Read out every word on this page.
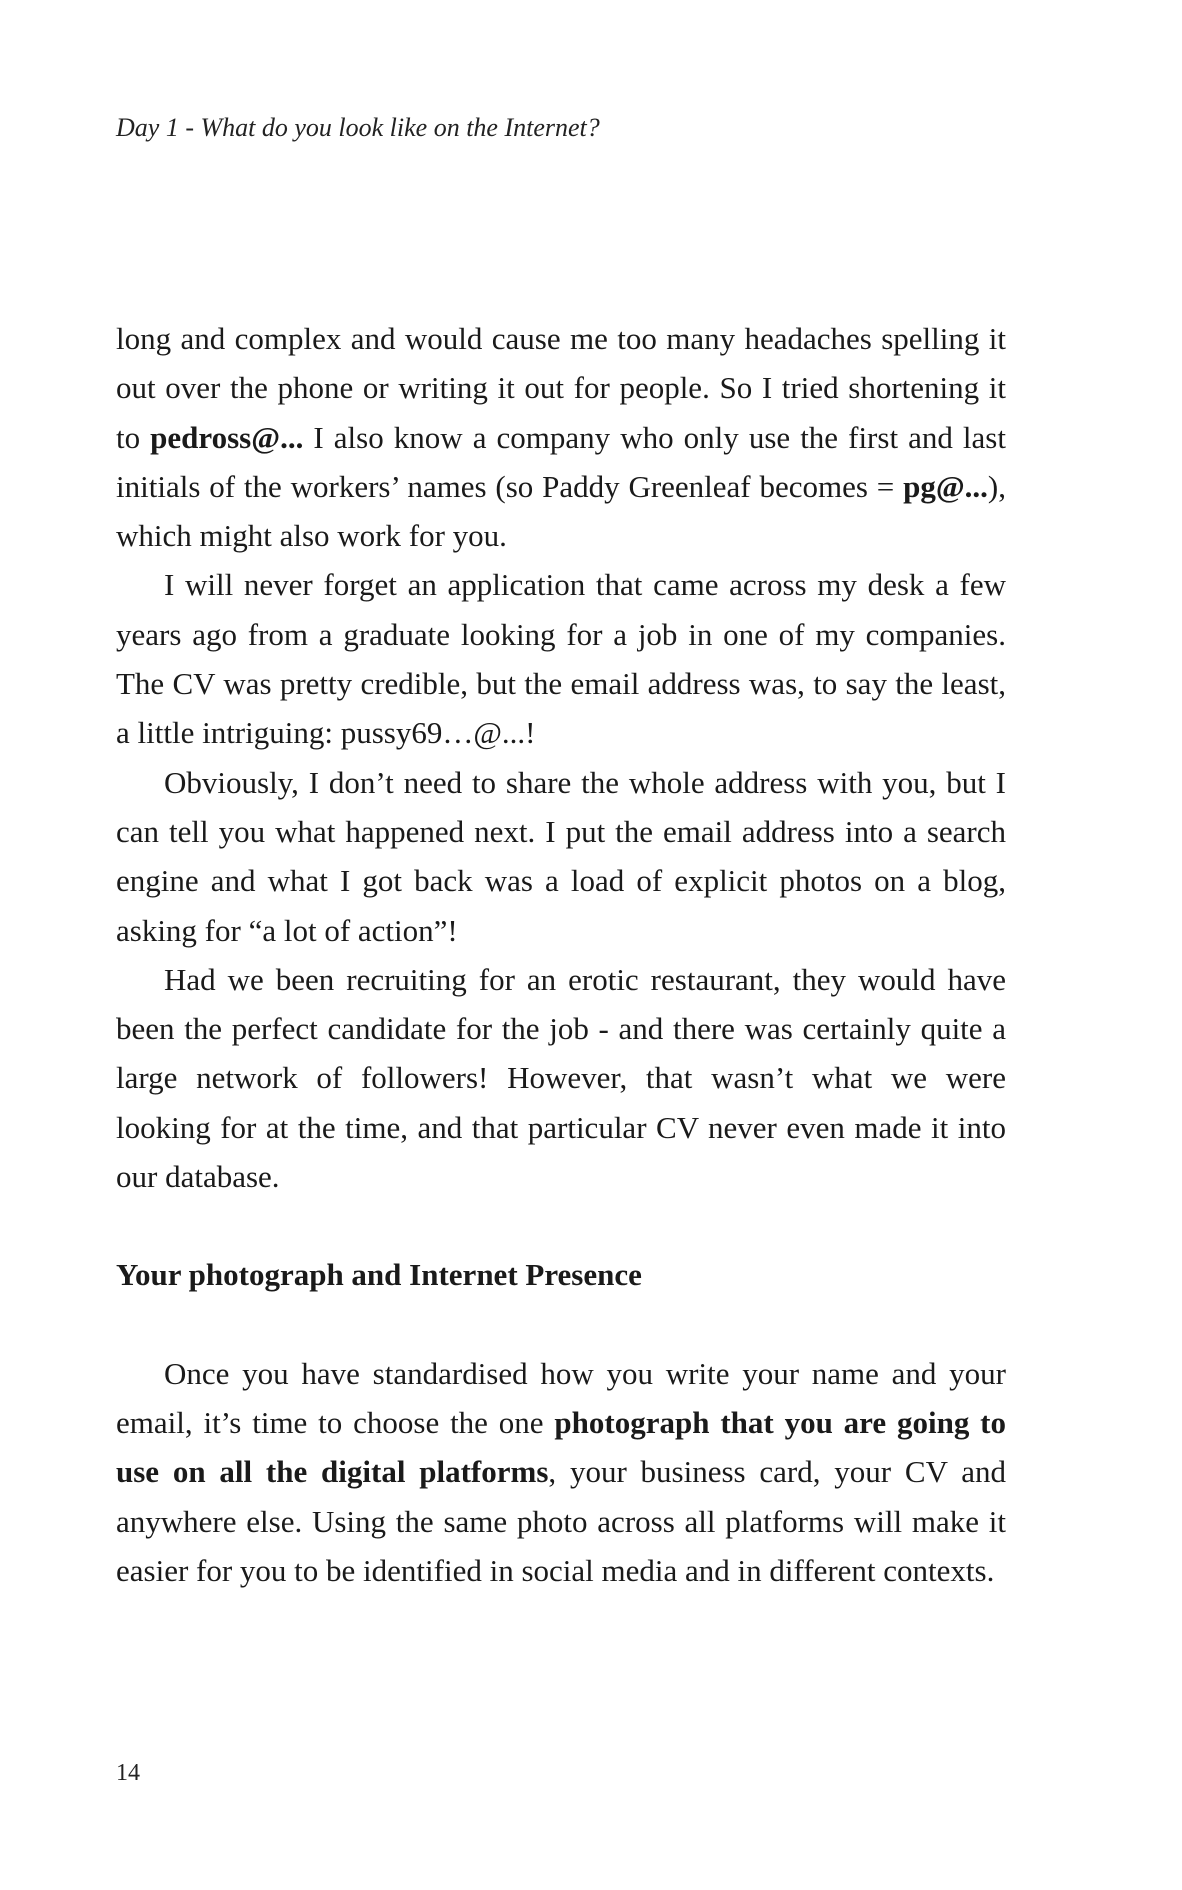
Day 1 - What do you look like on the Internet?

long and complex and would cause me too many headaches spelling it out over the phone or writing it out for people. So I tried shortening it to pedross@... I also know a company who only use the first and last initials of the workers’ names (so Paddy Greenleaf becomes = pg@...), which might also work for you.

I will never forget an application that came across my desk a few years ago from a graduate looking for a job in one of my companies. The CV was pretty credible, but the email address was, to say the least, a little intriguing: pussy69…@...!

Obviously, I don’t need to share the whole address with you, but I can tell you what happened next. I put the email address into a search engine and what I got back was a load of explicit photos on a blog, asking for “a lot of action”!

Had we been recruiting for an erotic restaurant, they would have been the perfect candidate for the job - and there was certainly quite a large network of followers! However, that wasn’t what we were looking for at the time, and that particular CV never even made it into our database.

Your photograph and Internet Presence

Once you have standardised how you write your name and your email, it’s time to choose the one photograph that you are going to use on all the digital platforms, your business card, your CV and anywhere else. Using the same photo across all platforms will make it easier for you to be identified in social media and in different contexts.

14
